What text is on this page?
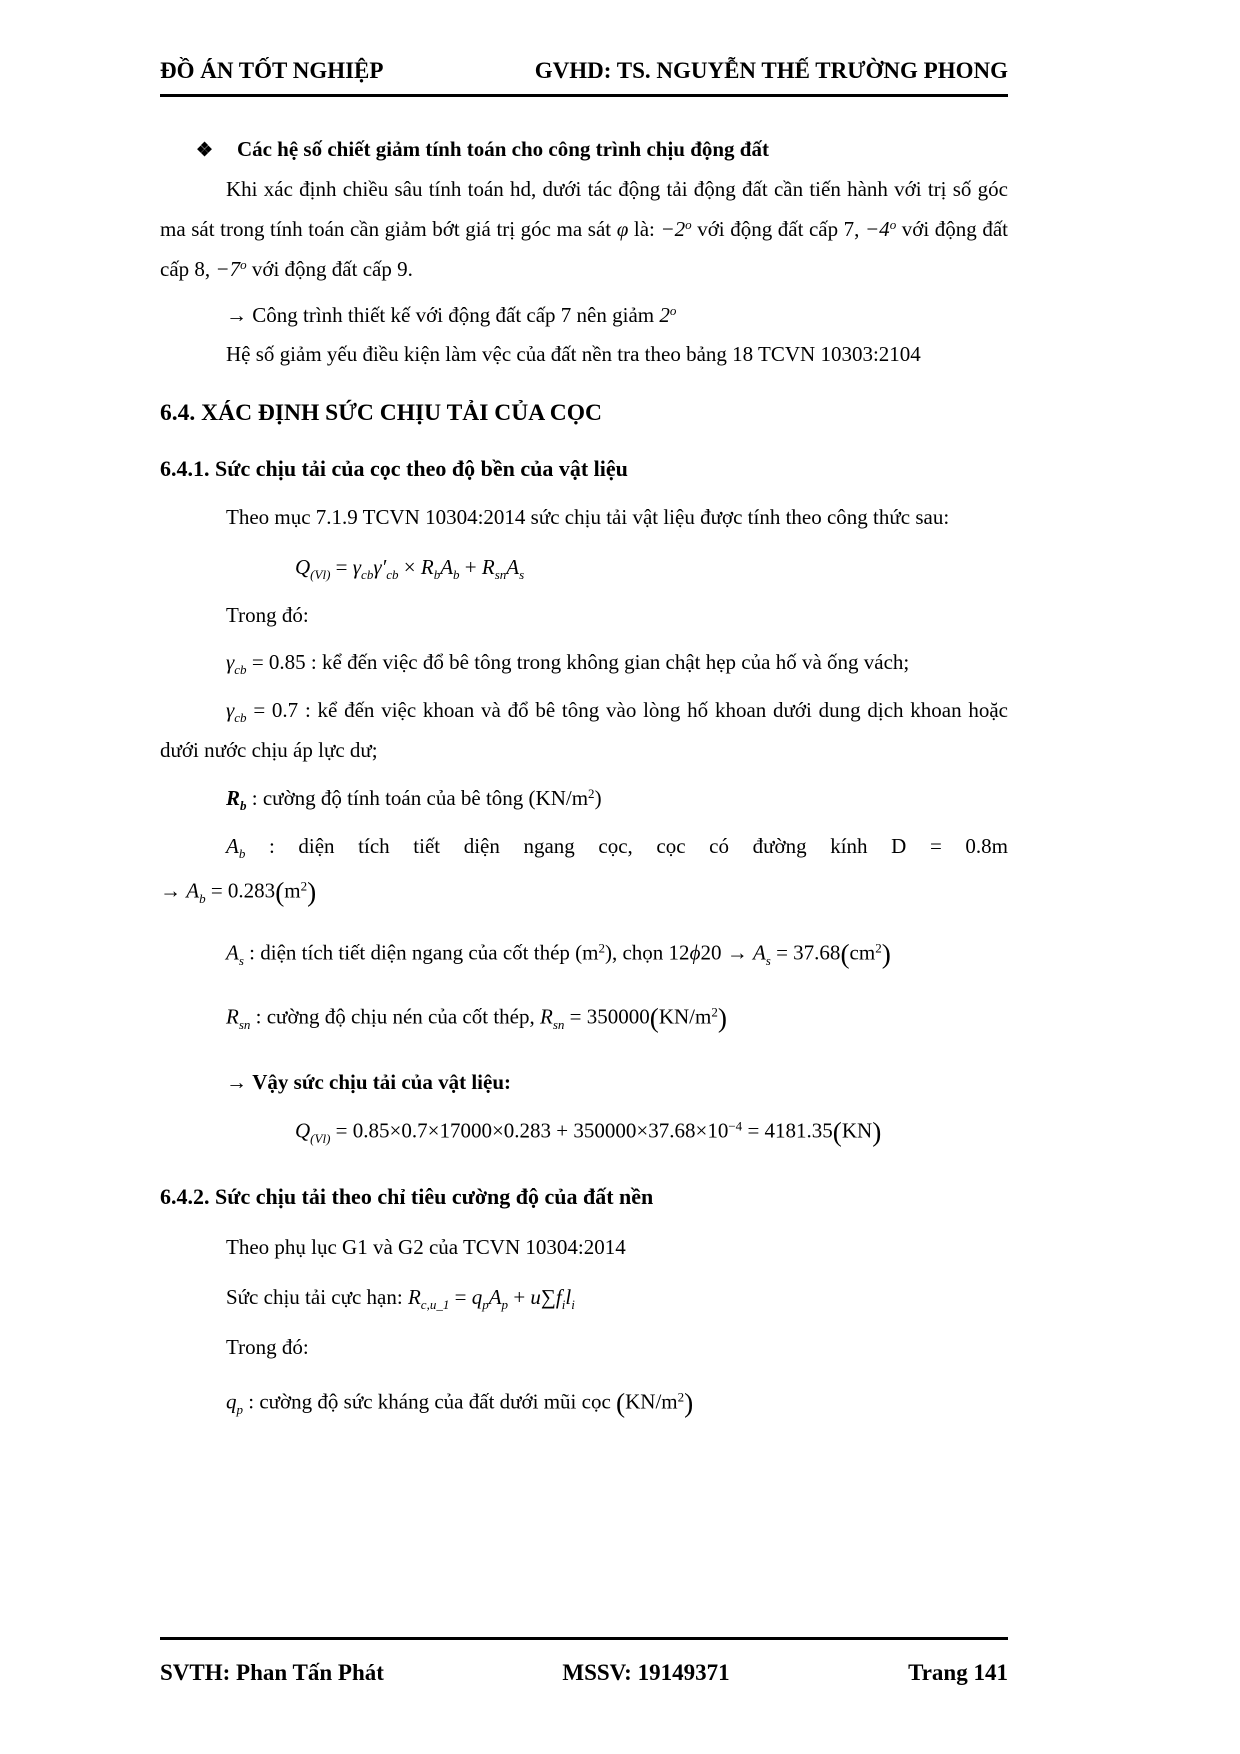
ĐỒ ÁN TỐT NGHIỆP	GVHD: TS. NGUYỄN THẾ TRƯỜNG PHONG
❖ Các hệ số chiết giảm tính toán cho công trình chịu động đất
Khi xác định chiều sâu tính toán hd, dưới tác động tải động đất cần tiến hành với trị số góc ma sát trong tính toán cần giảm bớt giá trị góc ma sát φ là: $-2^o$ với động đất cấp 7, $-4^o$ với động đất cấp 8, $-7^o$ với động đất cấp 9.
→ Công trình thiết kế với động đất cấp 7 nên giảm 2$^o$
Hệ số giảm yếu điều kiện làm vệc của đất nền tra theo bảng 18 TCVN 10303:2104
6.4. XÁC ĐỊNH SỨC CHỊU TẢI CỦA CỌC
6.4.1. Sức chịu tải của cọc theo độ bền của vật liệu
Theo mục 7.1.9 TCVN 10304:2014 sức chịu tải vật liệu được tính theo công thức sau:
$Q_{(Vl)} = \gamma_{cb}\gamma'_{cb} \times R_bA_b + R_{sn}A_s$
Trong đó:
$\gamma_{cb} = 0.85$ : kể đến việc đổ bê tông trong không gian chật hẹp của hố và ống vách;
$\gamma_{cb} = 0.7$ : kể đến việc khoan và đổ bê tông vào lòng hố khoan dưới dung dịch khoan hoặc dưới nước chịu áp lực dư;
$R_b$ : cường độ tính toán của bê tông $(KN/m^2)$
$A_b$ : diện tích tiết diện ngang cọc, cọc có đường kính D = 0.8m
→ $A_b = 0.283(m^2)$
$A_s$ : diện tích tiết diện ngang của cốt thép $(m^2)$, chọn $12\phi 20 \to A_s = 37.68(cm^2)$
$R_{sn}$ : cường độ chịu nén của cốt thép, $R_{sn} = 350000(KN/m^2)$
→ Vậy sức chịu tải của vật liệu:
$Q_{(Vl)} = 0.85\times 0.7\times 17000\times 0.283 + 350000\times 37.68\times 10^{-4} = 4181.35(KN)$
6.4.2. Sức chịu tải theo chỉ tiêu cường độ của đất nền
Theo phụ lục G1 và G2 của TCVN 10304:2014
Sức chịu tải cực hạn: $R_{c,u\_1} = q_pA_p + u\sum f_il_i$
Trong đó:
$q_p$ : cường độ sức kháng của đất dưới mũi cọc $(KN/m^2)$
SVTH: Phan Tấn Phát	MSSV: 19149371	Trang 141
